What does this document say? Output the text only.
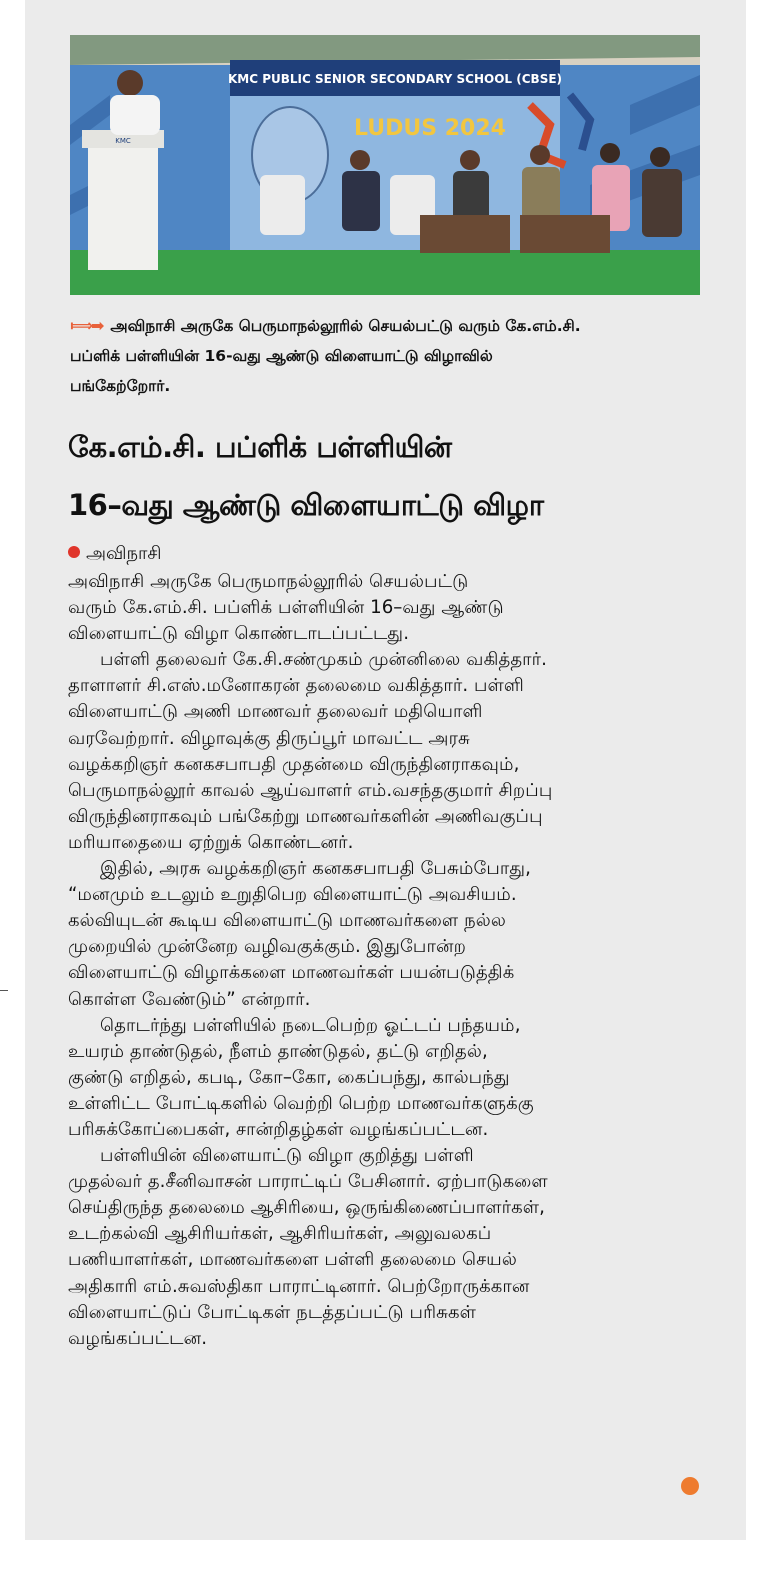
KMC PUBLIC SENIOR SECONDARY SCHOOL (CBSE)
LUDUS 2024
KMC
⟾➡ அவிநாசி அருகே பெருமாநல்லூரில் செயல்பட்டு வரும் கே.எம்.சி.
பப்ளிக் பள்ளியின் 16-வது ஆண்டு விளையாட்டு விழாவில்
பங்கேற்றோர்.
கே.எம்.சி. பப்ளிக் பள்ளியின்
16–வது ஆண்டு விளையாட்டு விழா
அவிநாசி
அவிநாசி அருகே பெருமாநல்லூரில் செயல்பட்டு
வரும் கே.எம்.சி. பப்ளிக் பள்ளியின் 16–வது ஆண்டு
விளையாட்டு விழா கொண்டாடப்பட்டது.
பள்ளி தலைவர் கே.சி.சண்முகம் முன்னிலை வகித்தார்.
தாளாளர் சி.எஸ்.மனோகரன் தலைமை வகித்தார். பள்ளி
விளையாட்டு அணி மாணவர் தலைவர் மதியொளி
வரவேற்றார். விழாவுக்கு திருப்பூர் மாவட்ட அரசு
வழக்கறிஞர் கனகசபாபதி முதன்மை விருந்தினராகவும்,
பெருமாநல்லூர் காவல் ஆய்வாளர் எம்.வசந்தகுமார் சிறப்பு
விருந்தினராகவும் பங்கேற்று மாணவர்களின் அணிவகுப்பு
மரியாதையை ஏற்றுக் கொண்டனர்.
இதில், அரசு வழக்கறிஞர் கனகசபாபதி பேசும்போது,
“மனமும் உடலும் உறுதிபெற விளையாட்டு அவசியம்.
கல்வியுடன் கூடிய விளையாட்டு மாணவர்களை நல்ல
முறையில் முன்னேற வழிவகுக்கும். இதுபோன்ற
விளையாட்டு விழாக்களை மாணவர்கள் பயன்படுத்திக்
கொள்ள வேண்டும்” என்றார்.
தொடர்ந்து பள்ளியில் நடைபெற்ற ஓட்டப் பந்தயம்,
உயரம் தாண்டுதல், நீளம் தாண்டுதல், தட்டு எறிதல்,
குண்டு எறிதல், கபடி, கோ–கோ, கைப்பந்து, கால்பந்து
உள்ளிட்ட போட்டிகளில் வெற்றி பெற்ற மாணவர்களுக்கு
பரிசுக்கோப்பைகள், சான்றிதழ்கள் வழங்கப்பட்டன.
பள்ளியின் விளையாட்டு விழா குறித்து பள்ளி
முதல்வர் த.சீனிவாசன் பாராட்டிப் பேசினார். ஏற்பாடுகளை
செய்திருந்த தலைமை ஆசிரியை, ஒருங்கிணைப்பாளர்கள்,
உடற்கல்வி ஆசிரியர்கள், ஆசிரியர்கள், அலுவலகப்
பணியாளர்கள், மாணவர்களை பள்ளி தலைமை செயல்
அதிகாரி எம்.சுவஸ்திகா பாராட்டினார். பெற்றோருக்கான
விளையாட்டுப் போட்டிகள் நடத்தப்பட்டு பரிசுகள்
வழங்கப்பட்டன.
